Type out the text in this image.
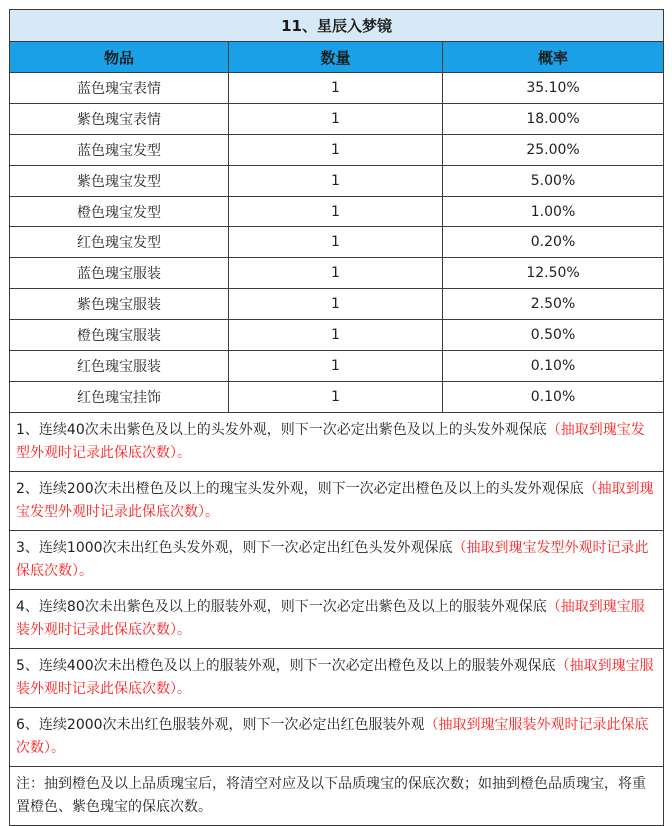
11、星辰入梦镜		
物品	数量	概率
蓝色瑰宝表情	1	35.10%
紫色瑰宝表情	1	18.00%
蓝色瑰宝发型	1	25.00%
紫色瑰宝发型	1	5.00%
橙色瑰宝发型	1	1.00%
红色瑰宝发型	1	0.20%
蓝色瑰宝服装	1	12.50%
紫色瑰宝服装	1	2.50%
橙色瑰宝服装	1	0.50%
红色瑰宝服装	1	0.10%
红色瑰宝挂饰	1	0.10%
1、连续40次未出紫色及以上的头发外观，则下一次必定出紫色及以上的头发外观保底（抽取到瑰宝发型外观时记录此保底次数）。		
2、连续200次未出橙色及以上的瑰宝头发外观，则下一次必定出橙色及以上的头发外观保底（抽取到瑰宝发型外观时记录此保底次数）。		
3、连续1000次未出红色头发外观，则下一次必定出红色头发外观保底（抽取到瑰宝发型外观时记录此保底次数）。		
4、连续80次未出紫色及以上的服装外观，则下一次必定出紫色及以上的服装外观保底（抽取到瑰宝服装外观时记录此保底次数）。		
5、连续400次未出橙色及以上的服装外观，则下一次必定出橙色及以上的服装外观保底（抽取到瑰宝服装外观时记录此保底次数）。		
6、连续2000次未出红色服装外观，则下一次必定出红色服装外观（抽取到瑰宝服装外观时记录此保底次数）。		
注：抽到橙色及以上品质瑰宝后，将清空对应及以下品质瑰宝的保底次数；如抽到橙色品质瑰宝，将重置橙色、紫色瑰宝的保底次数。		
